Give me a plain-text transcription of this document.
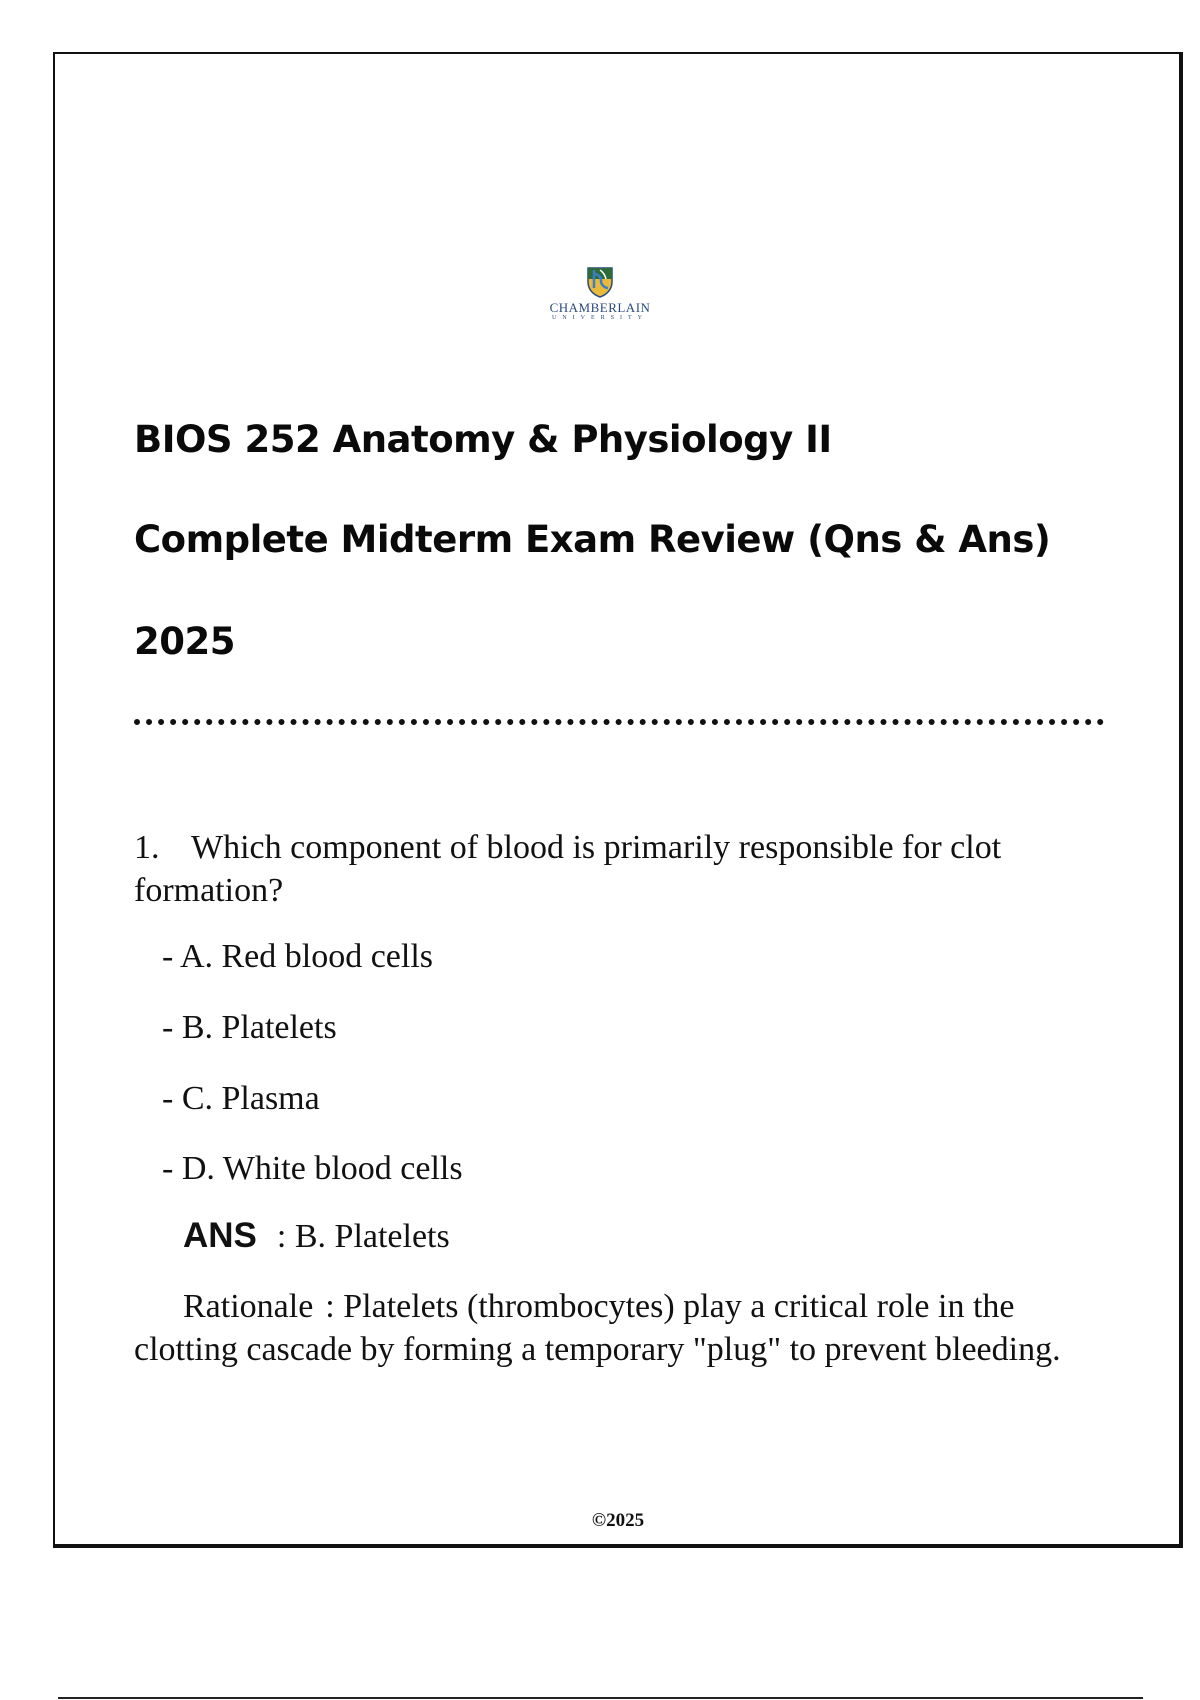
CHAMBERLAIN
UNIVERSITY
BIOS 252 Anatomy & Physiology II
Complete Midterm Exam Review (Qns & Ans)
2025
1. Which component of blood is primarily responsible for clot formation?
- A. Red blood cells
- B. Platelets
- C. Plasma
- D. White blood cells
ANS : B. Platelets
Rationale : Platelets (thrombocytes) play a critical role in the clotting cascade by forming a temporary "plug" to prevent bleeding.
©2025
